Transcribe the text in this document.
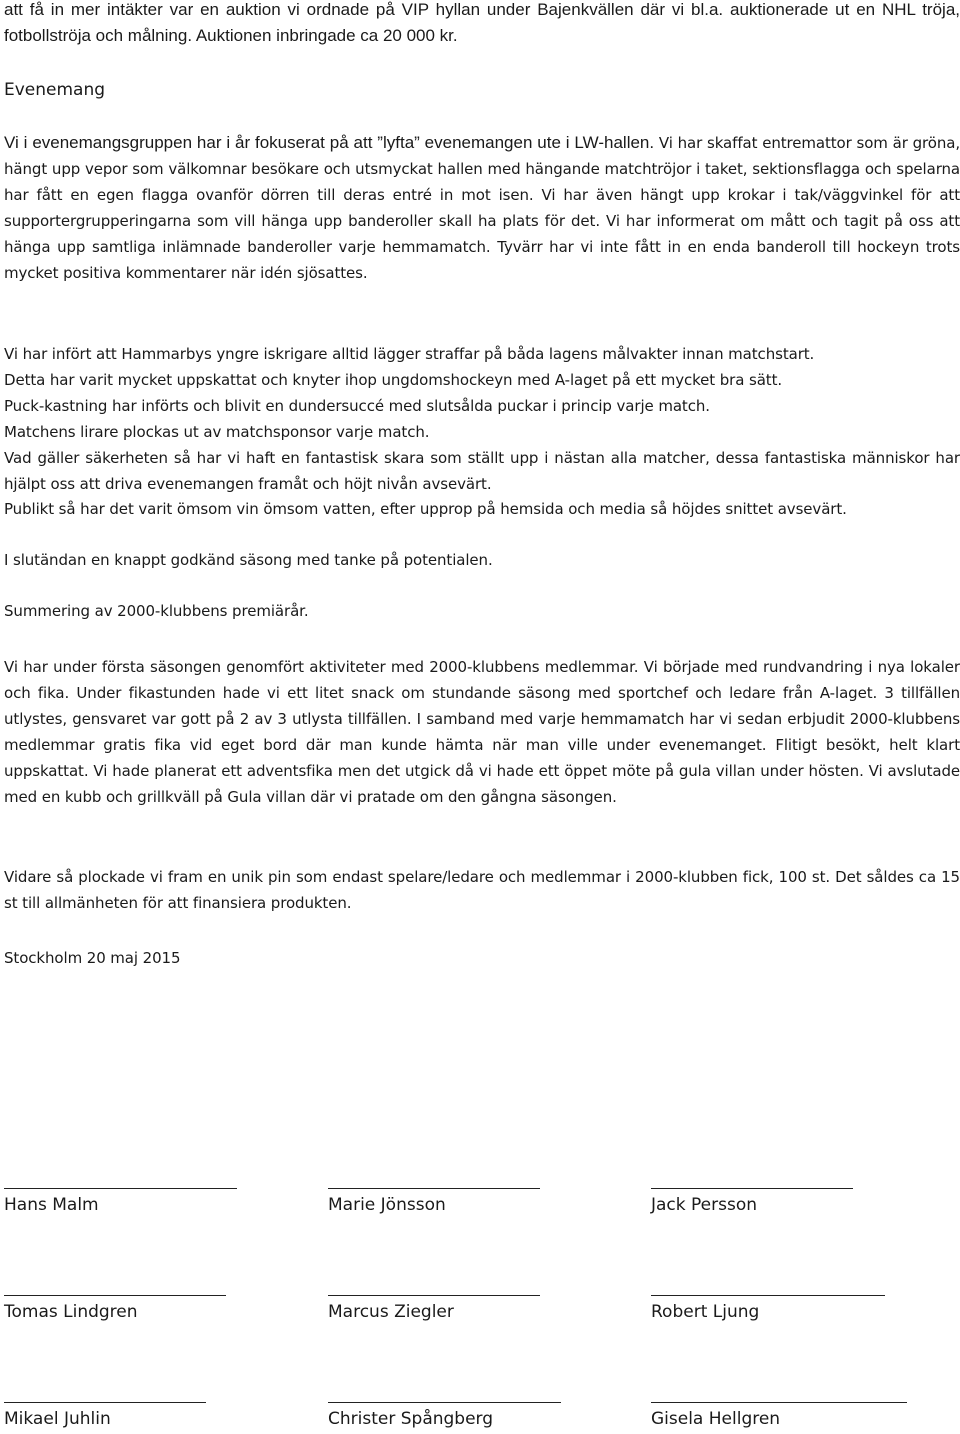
att få in mer intäkter var en auktion vi ordnade på VIP hyllan under Bajenkvällen där vi bl.a. auktionerade ut en NHL tröja, fotbollströja och målning. Auktionen inbringade ca 20 000 kr.

Evenemang

Vi i evenemangsgruppen har i år fokuserat på att ”lyfta” evenemangen ute i LW-hallen. Vi har skaffat entremattor som är gröna, hängt upp vepor som välkomnar besökare och utsmyckat hallen med hängande matchtröjor i taket, sektionsflagga och spelarna har fått en egen flagga ovanför dörren till deras entré in mot isen. Vi har även hängt upp krokar i tak/väggvinkel för att supportergrupperingarna som vill hänga upp banderoller skall ha plats för det. Vi har informerat om mått och tagit på oss att hänga upp samtliga inlämnade banderoller varje hemmamatch. Tyvärr har vi inte fått in en enda banderoll till hockeyn trots mycket positiva kommentarer när idén sjösattes.

Vi har infört att Hammarbys yngre iskrigare alltid lägger straffar på båda lagens målvakter innan matchstart.
Detta har varit mycket uppskattat och knyter ihop ungdomshockeyn med A-laget på ett mycket bra sätt.
Puck-kastning har införts och blivit en dundersuccé med slutsålda puckar i princip varje match.
Matchens lirare plockas ut av matchsponsor varje match.

Vad gäller säkerheten så har vi haft en fantastisk skara som ställt upp i nästan alla matcher, dessa fantastiska människor har hjälpt oss att driva evenemangen framåt och höjt nivån avsevärt.

Publikt så har det varit ömsom vin ömsom vatten, efter upprop på hemsida och media så höjdes snittet avsevärt.

I slutändan en knappt godkänd säsong med tanke på potentialen.
Summering av 2000-klubbens premiärår.

Vi har under första säsongen genomfört aktiviteter med 2000-klubbens medlemmar. Vi började med rundvandring i nya lokaler och fika. Under fikastunden hade vi ett litet snack om stundande säsong med sportchef och ledare från A-laget. 3 tillfällen utlystes, gensvaret var gott på 2 av 3 utlysta tillfällen. I samband med varje hemmamatch har vi sedan erbjudit 2000-klubbens medlemmar gratis fika vid eget bord där man kunde hämta när man ville under evenemanget. Flitigt besökt, helt klart uppskattat. Vi hade planerat ett adventsfika men det utgick då vi hade ett öppet möte på gula villan under hösten. Vi avslutade med en kubb och grillkväll på Gula villan där vi pratade om den gångna säsongen.

Vidare så plockade vi fram en unik pin som endast spelare/ledare och medlemmar i 2000-klubben fick, 100 st. Det såldes ca 15 st till allmänheten för att finansiera produkten.

Stockholm 20 maj 2015
Hans Malm	Marie Jönsson	Jack Persson
Tomas Lindgren	Marcus Ziegler	Robert Ljung
Mikael Juhlin	Christer Spångberg	Gisela Hellgren
